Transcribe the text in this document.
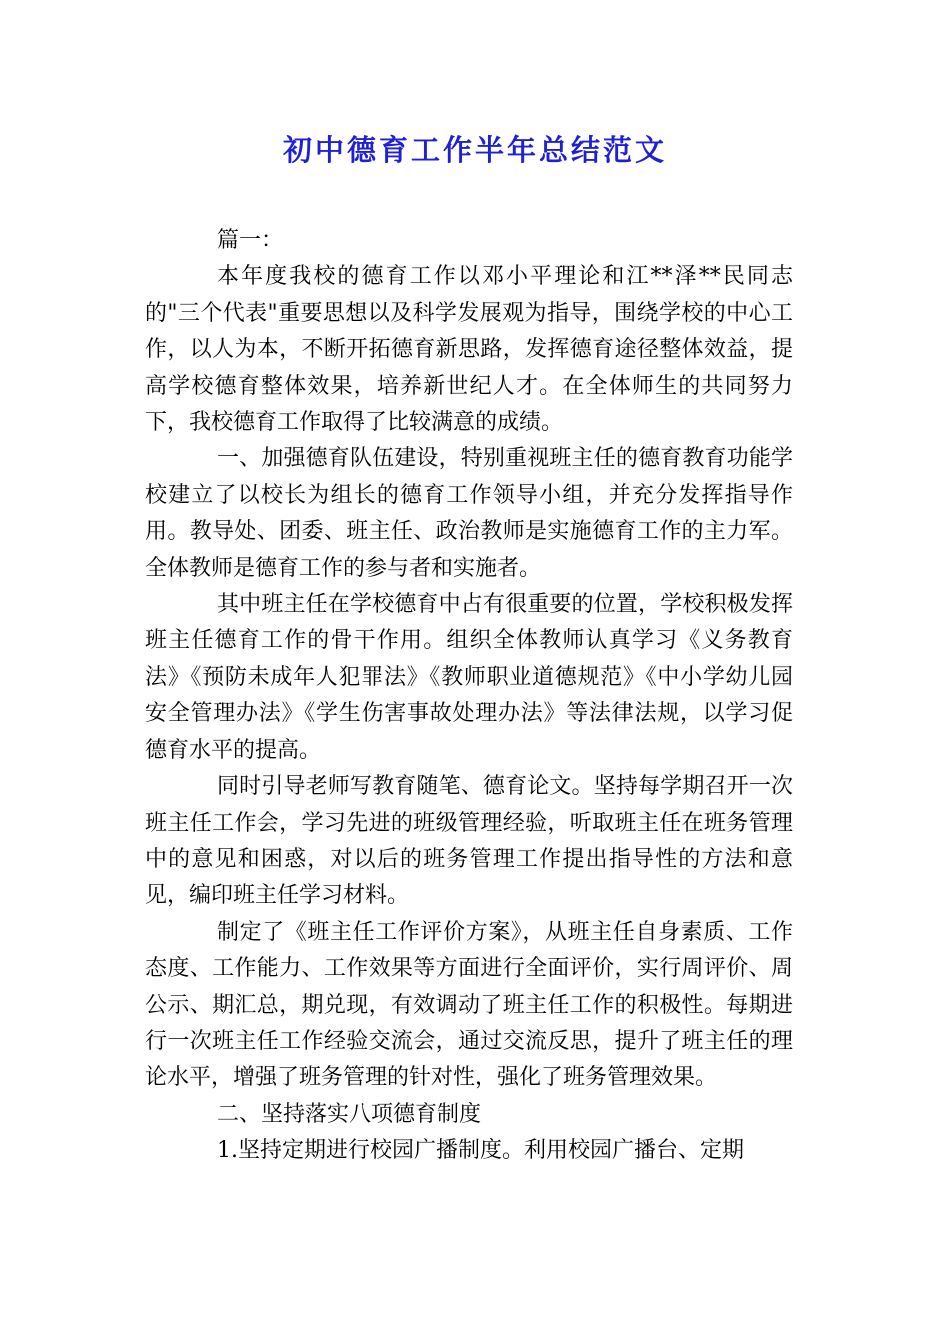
初中德育工作半年总结范文

篇一：

本年度我校的德育工作以邓小平理论和江**泽**民同志的"三个代表"重要思想以及科学发展观为指导，围绕学校的中心工作，以人为本，不断开拓德育新思路，发挥德育途径整体效益，提高学校德育整体效果，培养新世纪人才。在全体师生的共同努力下，我校德育工作取得了比较满意的成绩。

一、加强德育队伍建设，特别重视班主任的德育教育功能学校建立了以校长为组长的德育工作领导小组，并充分发挥指导作用。教导处、团委、班主任、政治教师是实施德育工作的主力军。全体教师是德育工作的参与者和实施者。

其中班主任在学校德育中占有很重要的位置，学校积极发挥班主任德育工作的骨干作用。组织全体教师认真学习《义务教育法》《预防未成年人犯罪法》《教师职业道德规范》《中小学幼儿园安全管理办法》《学生伤害事故处理办法》等法律法规，以学习促德育水平的提高。

同时引导老师写教育随笔、德育论文。坚持每学期召开一次班主任工作会，学习先进的班级管理经验，听取班主任在班务管理中的意见和困惑，对以后的班务管理工作提出指导性的方法和意见，编印班主任学习材料。

制定了《班主任工作评价方案》，从班主任自身素质、工作态度、工作能力、工作效果等方面进行全面评价，实行周评价、周公示、期汇总，期兑现，有效调动了班主任工作的积极性。每期进行一次班主任工作经验交流会，通过交流反思，提升了班主任的理论水平，增强了班务管理的针对性，强化了班务管理效果。

二、坚持落实八项德育制度

1.坚持定期进行校园广播制度。利用校园广播台、定期
